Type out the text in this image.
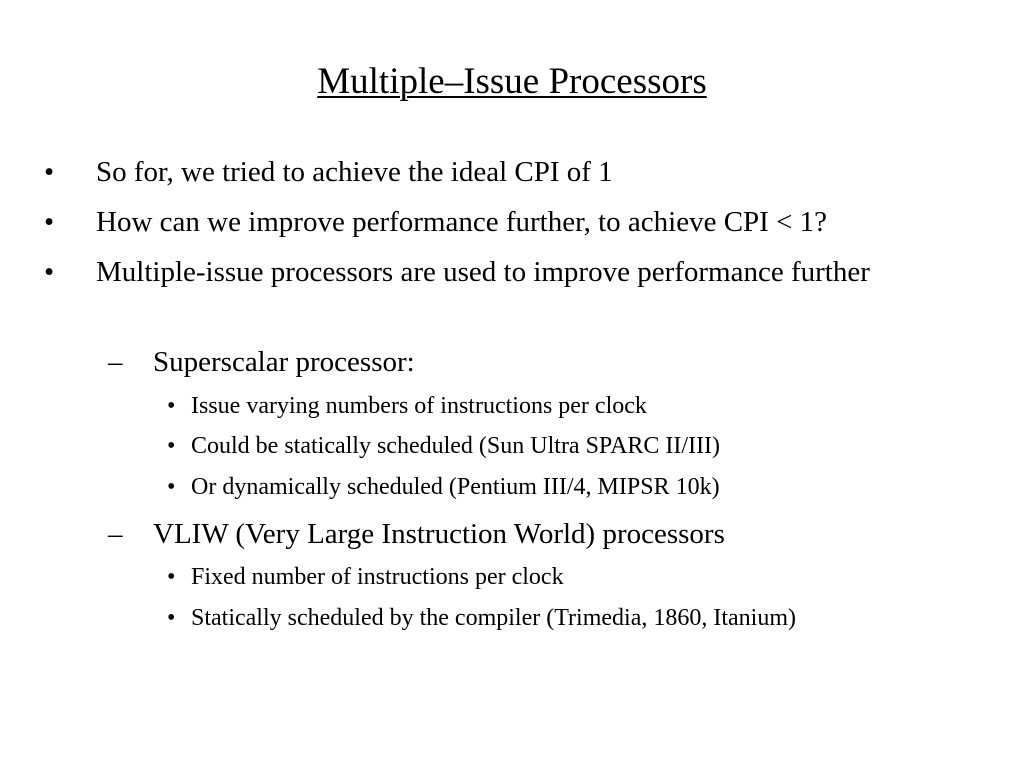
Multiple–Issue Processors
• So for, we tried to achieve the ideal CPI of 1
• How can we improve performance further, to achieve CPI < 1?
• Multiple-issue processors are used to improve performance further
– Superscalar processor:
• Issue varying numbers of instructions per clock
• Could be statically scheduled (Sun Ultra SPARC II/III)
• Or dynamically scheduled (Pentium III/4, MIPSR 10k)
– VLIW (Very Large Instruction World) processors
• Fixed number of instructions per clock
• Statically scheduled by the compiler (Trimedia, 1860, Itanium)
